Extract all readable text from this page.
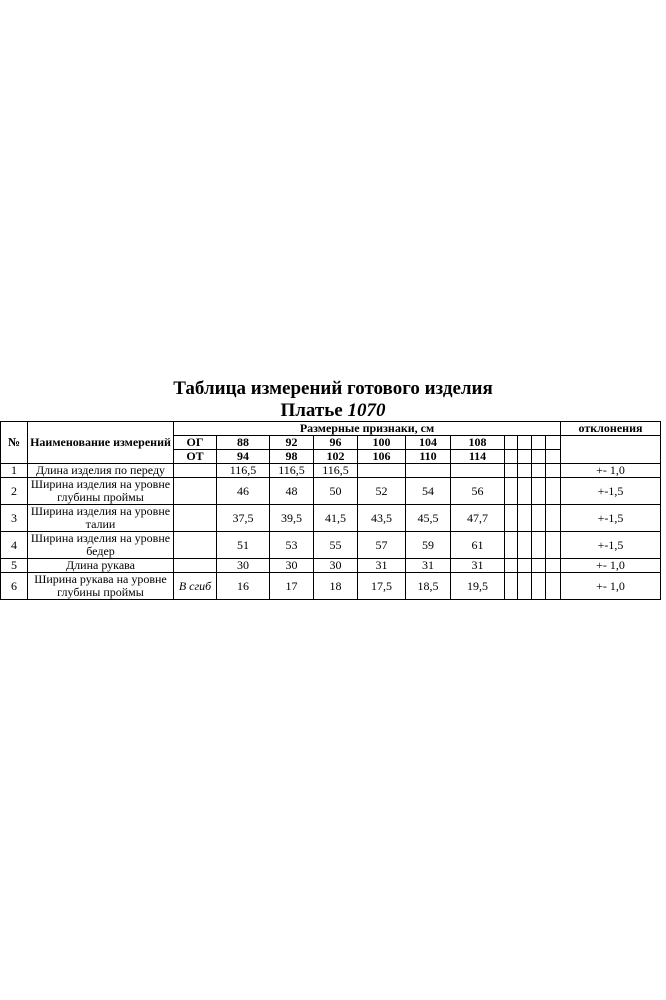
Таблица измерений готового изделия
Платье 1070
№	Наименование измерений	Размерные признаки, см											отклонения
		ОГ	88	92	96	100	104	108					
		ОТ	94	98	102	106	110	114					
1	Длина изделия по переду		116,5	116,5	116,5								+- 1,0
2	Ширина изделия на уровне глубины проймы		46	48	50	52	54	56					+-1,5
3	Ширина изделия на уровне талии		37,5	39,5	41,5	43,5	45,5	47,7					+-1,5
4	Ширина изделия на уровне бедер		51	53	55	57	59	61					+-1,5
5	Длина рукава		30	30	30	31	31	31					+- 1,0
6	Ширина рукава на уровне глубины проймы	В сгиб	16	17	18	17,5	18,5	19,5					+- 1,0
